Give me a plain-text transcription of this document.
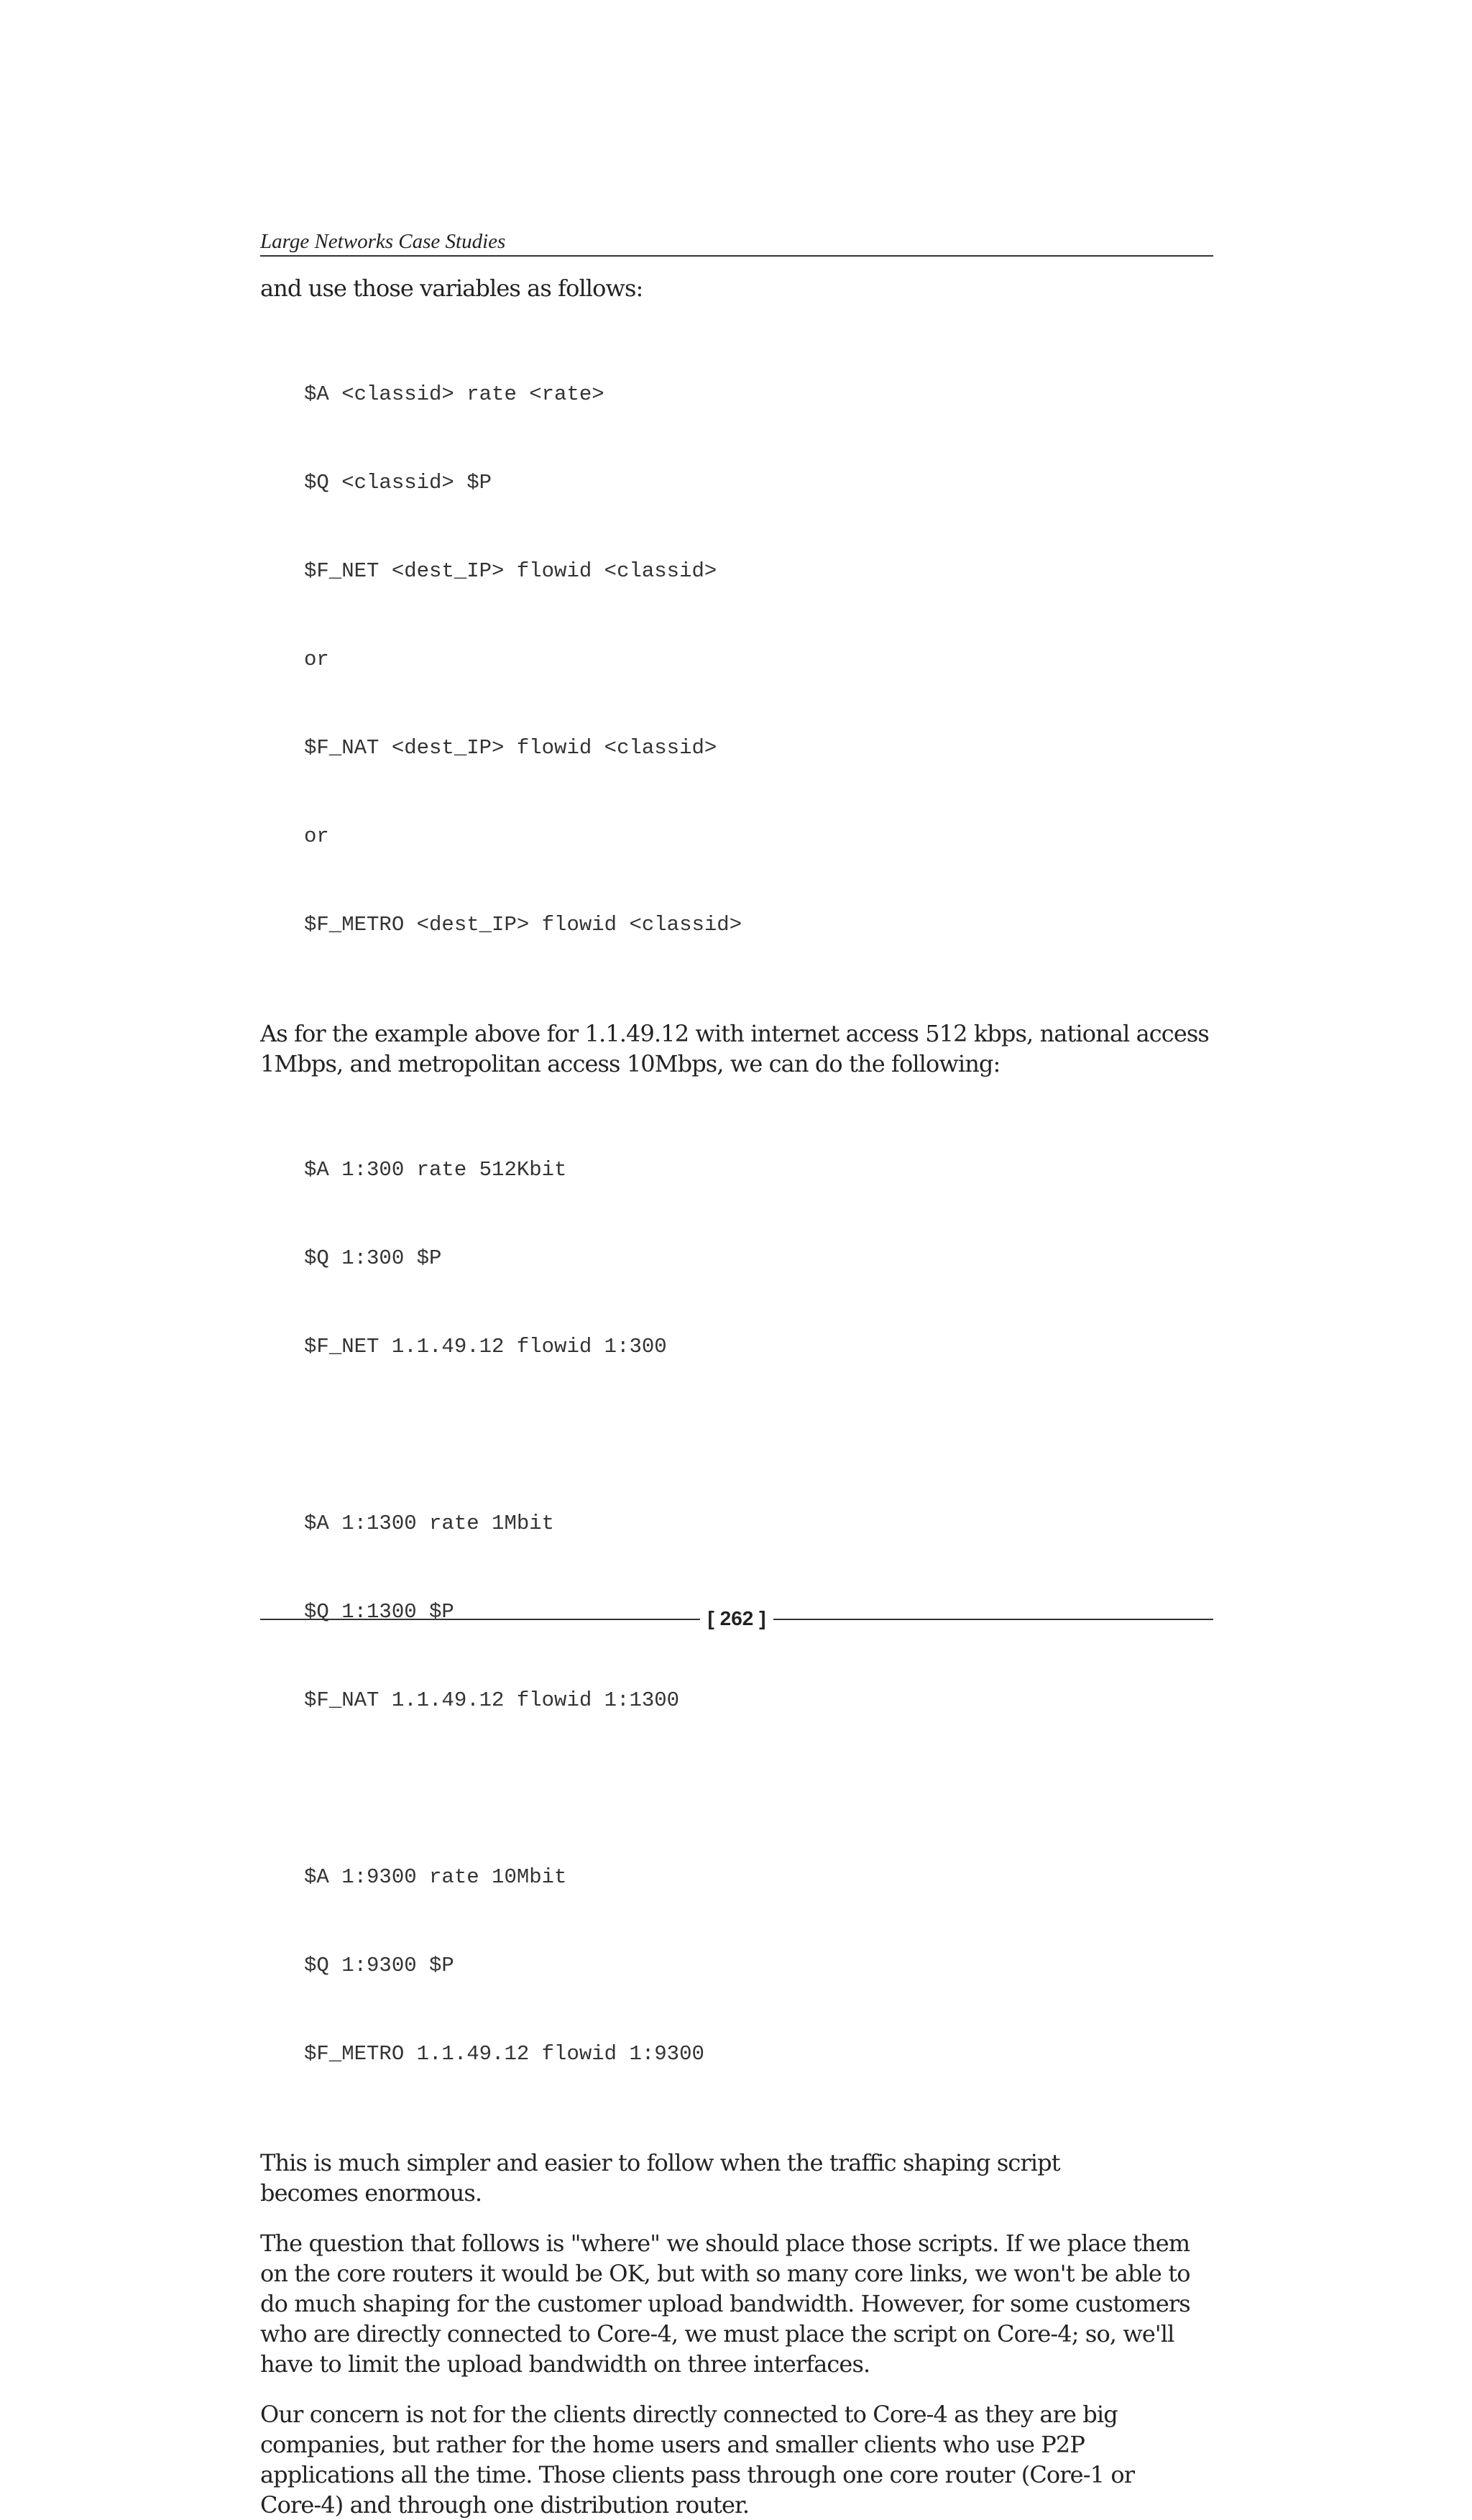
Large Networks Case Studies

and use those variables as follows:

$A <classid> rate <rate>

$Q <classid> $P

$F_NET <dest_IP> flowid <classid>

or

$F_NAT <dest_IP> flowid <classid>

or

$F_METRO <dest_IP> flowid <classid>

As for the example above for 1.1.49.12 with internet access 512 kbps, national access
1Mbps, and metropolitan access 10Mbps, we can do the following:

$A 1:300 rate 512Kbit

$Q 1:300 $P

$F_NET 1.1.49.12 flowid 1:300

$A 1:1300 rate 1Mbit

$Q 1:1300 $P

$F_NAT 1.1.49.12 flowid 1:1300

$A 1:9300 rate 10Mbit

$Q 1:9300 $P

$F_METRO 1.1.49.12 flowid 1:9300

This is much simpler and easier to follow when the traffic shaping script
becomes enormous.

The question that follows is "where" we should place those scripts. If we place them
on the core routers it would be OK, but with so many core links, we won't be able to
do much shaping for the customer upload bandwidth. However, for some customers
who are directly connected to Core-4, we must place the script on Core-4; so, we'll
have to limit the upload bandwidth on three interfaces.

Our concern is not for the clients directly connected to Core-4 as they are big
companies, but rather for the home users and smaller clients who use P2P
applications all the time. Those clients pass through one core router (Core-1 or
Core-4) and through one distribution router.

[ 262 ]
